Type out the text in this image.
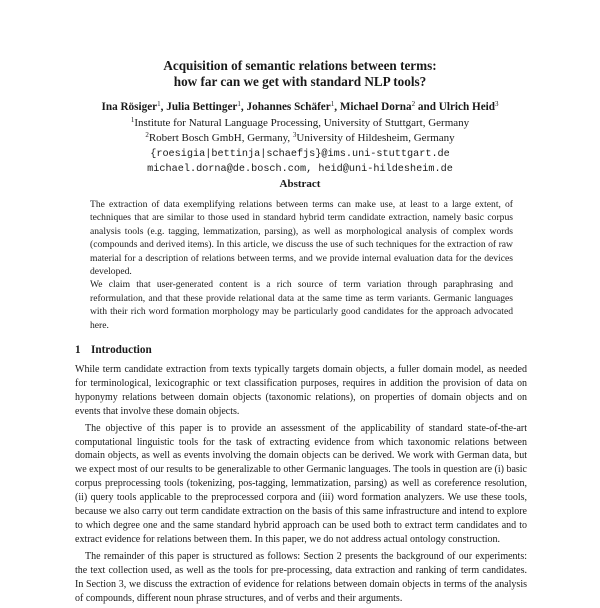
Acquisition of semantic relations between terms:
how far can we get with standard NLP tools?
Ina Rösiger$^1$, Julia Bettinger$^1$, Johannes Schäfer$^1$, Michael Dorna$^2$ and Ulrich Heid$^3$
$^1$Institute for Natural Language Processing, University of Stuttgart, Germany
$^2$Robert Bosch GmbH, Germany, $^3$University of Hildesheim, Germany
{roesigia|bettinja|schaefjs}@ims.uni-stuttgart.de
michael.dorna@de.bosch.com, heid@uni-hildesheim.de
Abstract

The extraction of data exemplifying relations between terms can make use, at least to a large extent, of techniques that are similar to those used in standard hybrid term candidate extraction, namely basic corpus analysis tools (e.g. tagging, lemmatization, parsing), as well as morphological analysis of complex words (compounds and derived items). In this article, we discuss the use of such techniques for the extraction of raw material for a description of relations between terms, and we provide internal evaluation data for the devices developed.

We claim that user-generated content is a rich source of term variation through paraphrasing and reformulation, and that these provide relational data at the same time as term variants. Germanic languages with their rich word formation morphology may be particularly good candidates for the approach advocated here.

1 Introduction

While term candidate extraction from texts typically targets domain objects, a fuller domain model, as needed for terminological, lexicographic or text classification purposes, requires in addition the provision of data on hyponymy relations between domain objects (taxonomic relations), on properties of domain objects and on events that involve these domain objects.

The objective of this paper is to provide an assessment of the applicability of standard state-of-the-art computational linguistic tools for the task of extracting evidence from which taxonomic relations between domain objects, as well as events involving the domain objects can be derived. We work with German data, but we expect most of our results to be generalizable to other Germanic languages. The tools in question are (i) basic corpus preprocessing tools (tokenizing, pos-tagging, lemmatization, parsing) as well as coreference resolution, (ii) query tools applicable to the preprocessed corpora and (iii) word formation analyzers. We use these tools, because we also carry out term candidate extraction on the basis of this same infrastructure and intend to explore to which degree one and the same standard hybrid approach can be used both to extract term candidates and to extract evidence for relations between them. In this paper, we do not address actual ontology construction.

The remainder of this paper is structured as follows: Section 2 presents the background of our experiments: the text collection used, as well as the tools for pre-processing, data extraction and ranking of term candidates. In Section 3, we discuss the extraction of evidence for relations between domain objects in terms of the analysis of compounds, different noun phrase structures, and of verbs and their arguments.
